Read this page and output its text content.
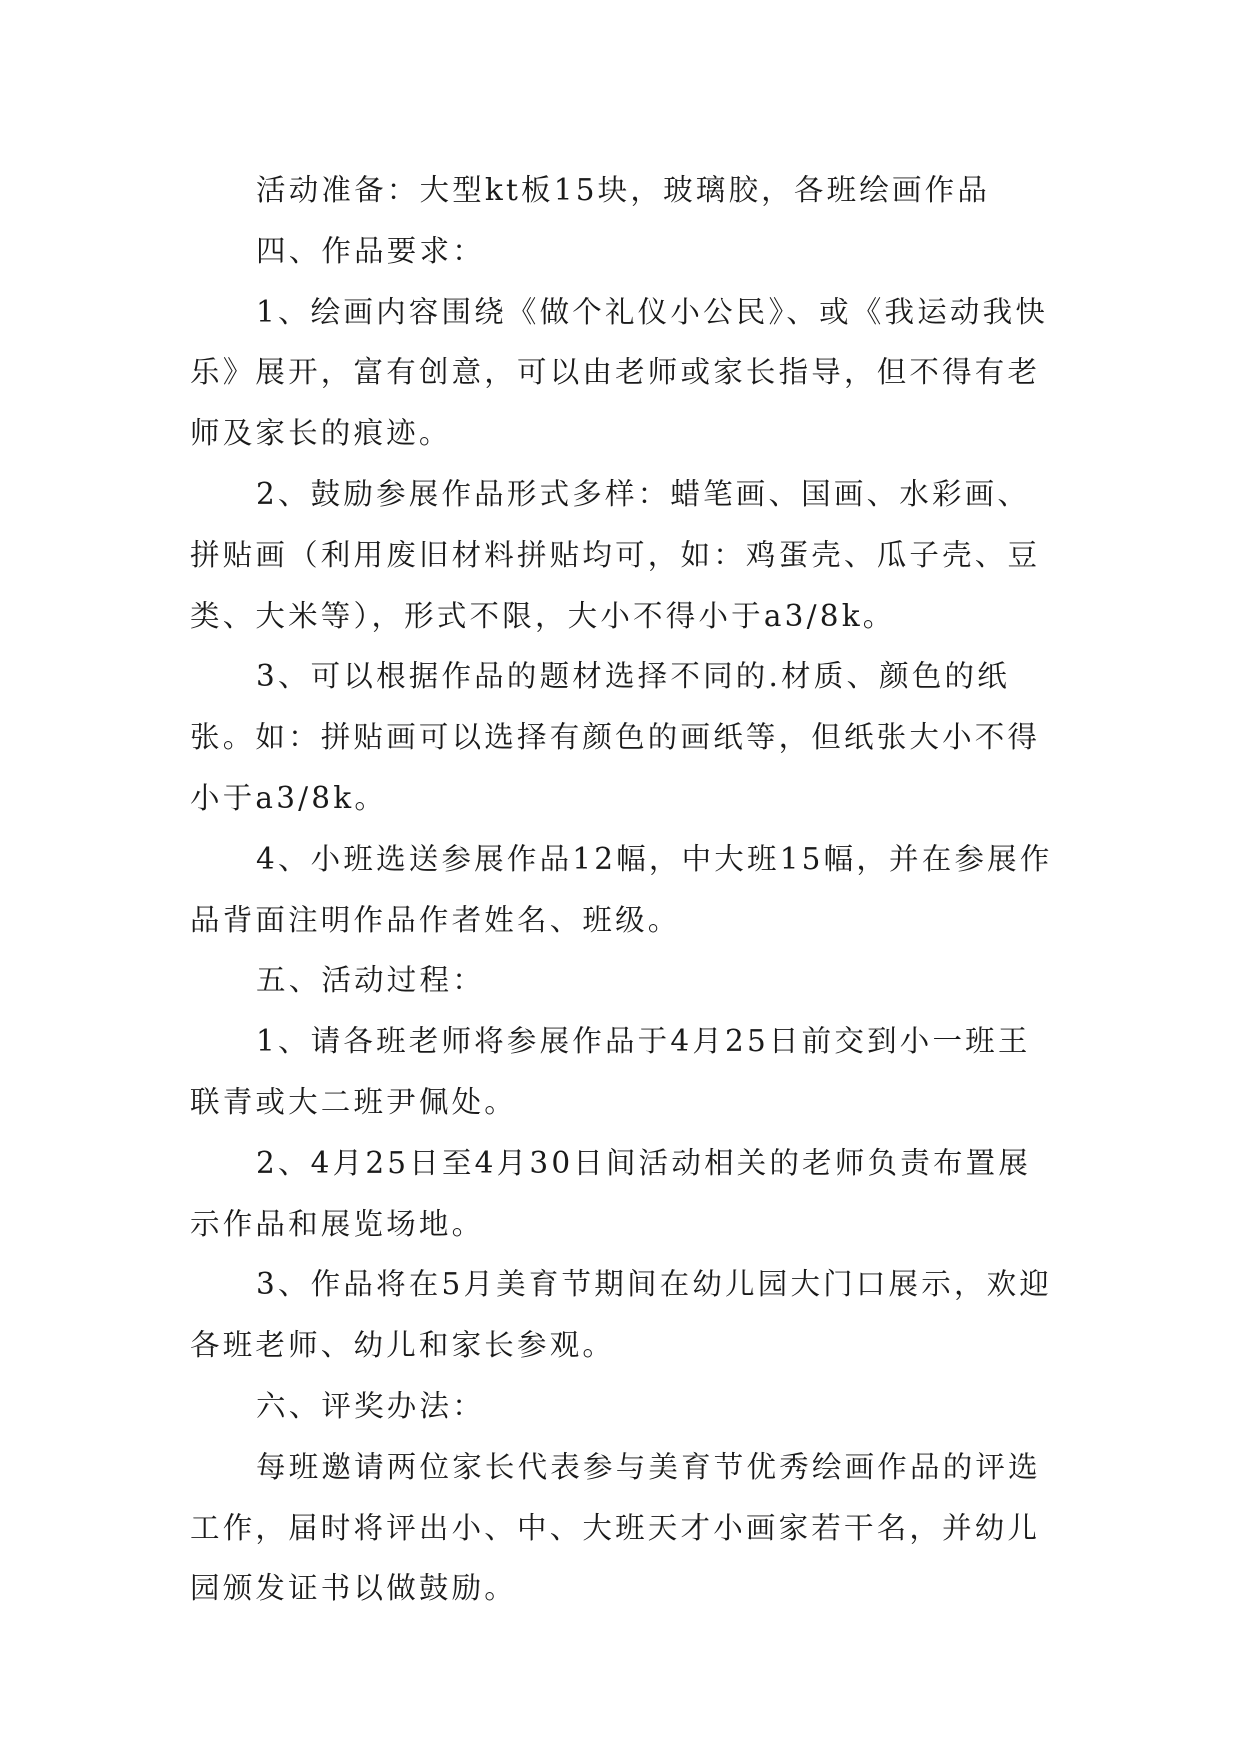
活动准备：大型kt板15块，玻璃胶，各班绘画作品

四、作品要求：

1、绘画内容围绕《做个礼仪小公民》、或《我运动我快乐》展开，富有创意，可以由老师或家长指导，但不得有老师及家长的痕迹。

2、鼓励参展作品形式多样：蜡笔画、国画、水彩画、拼贴画（利用废旧材料拼贴均可，如：鸡蛋壳、瓜子壳、豆类、大米等），形式不限，大小不得小于a3/8k。

3、可以根据作品的题材选择不同的.材质、颜色的纸张。如：拼贴画可以选择有颜色的画纸等，但纸张大小不得小于a3/8k。

4、小班选送参展作品12幅，中大班15幅，并在参展作品背面注明作品作者姓名、班级。

五、活动过程：

1、请各班老师将参展作品于4月25日前交到小一班王联青或大二班尹佩处。

2、4月25日至4月30日间活动相关的老师负责布置展示作品和展览场地。

3、作品将在5月美育节期间在幼儿园大门口展示，欢迎各班老师、幼儿和家长参观。

六、评奖办法：

每班邀请两位家长代表参与美育节优秀绘画作品的评选工作，届时将评出小、中、大班天才小画家若干名，并幼儿园颁发证书以做鼓励。
